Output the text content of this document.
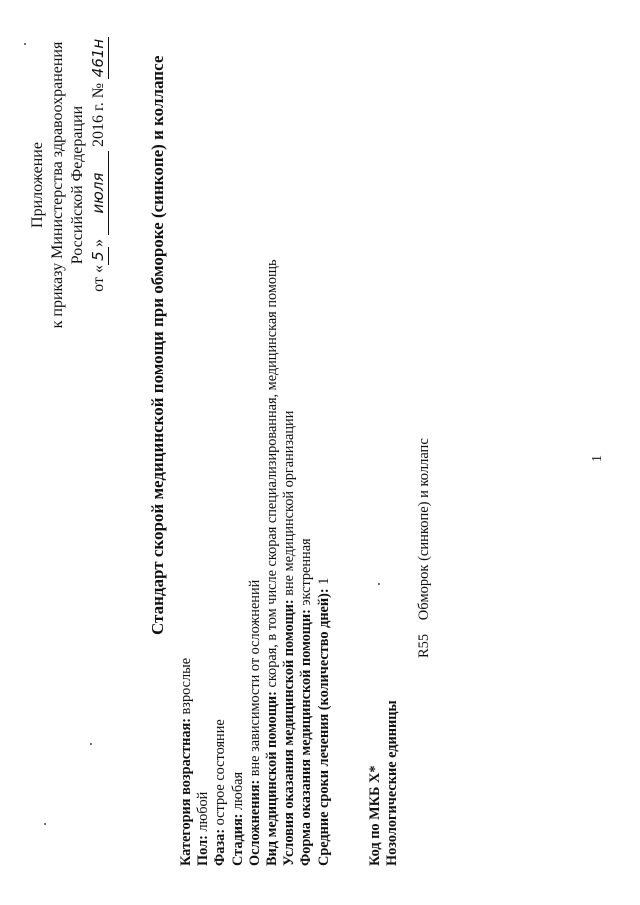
Приложение к приказу Министерства здравоохранения Российской Федерации
от «5» июля 2016 г. № 461н Стандарт скорой медицинской помощи при обмороке (синкопе) и коллапсе
Категория возрастная: взрослые
Пол: любой
Фаза: острое состояние
Стадия: любая Осложнения: вне зависимости от осложнений Вид медицинской помощи: скорая, в том числе скорая специализированная, медицинская помощь
Условия оказания медицинской помощи: вне медицинской организации
Форма оказания медицинской помощи: экстренная
Средние сроки лечения (количество дней): 1
Код по МКБ Х* Нозологические единицы
R55 Обморок (синкопе) и коллапс	1
